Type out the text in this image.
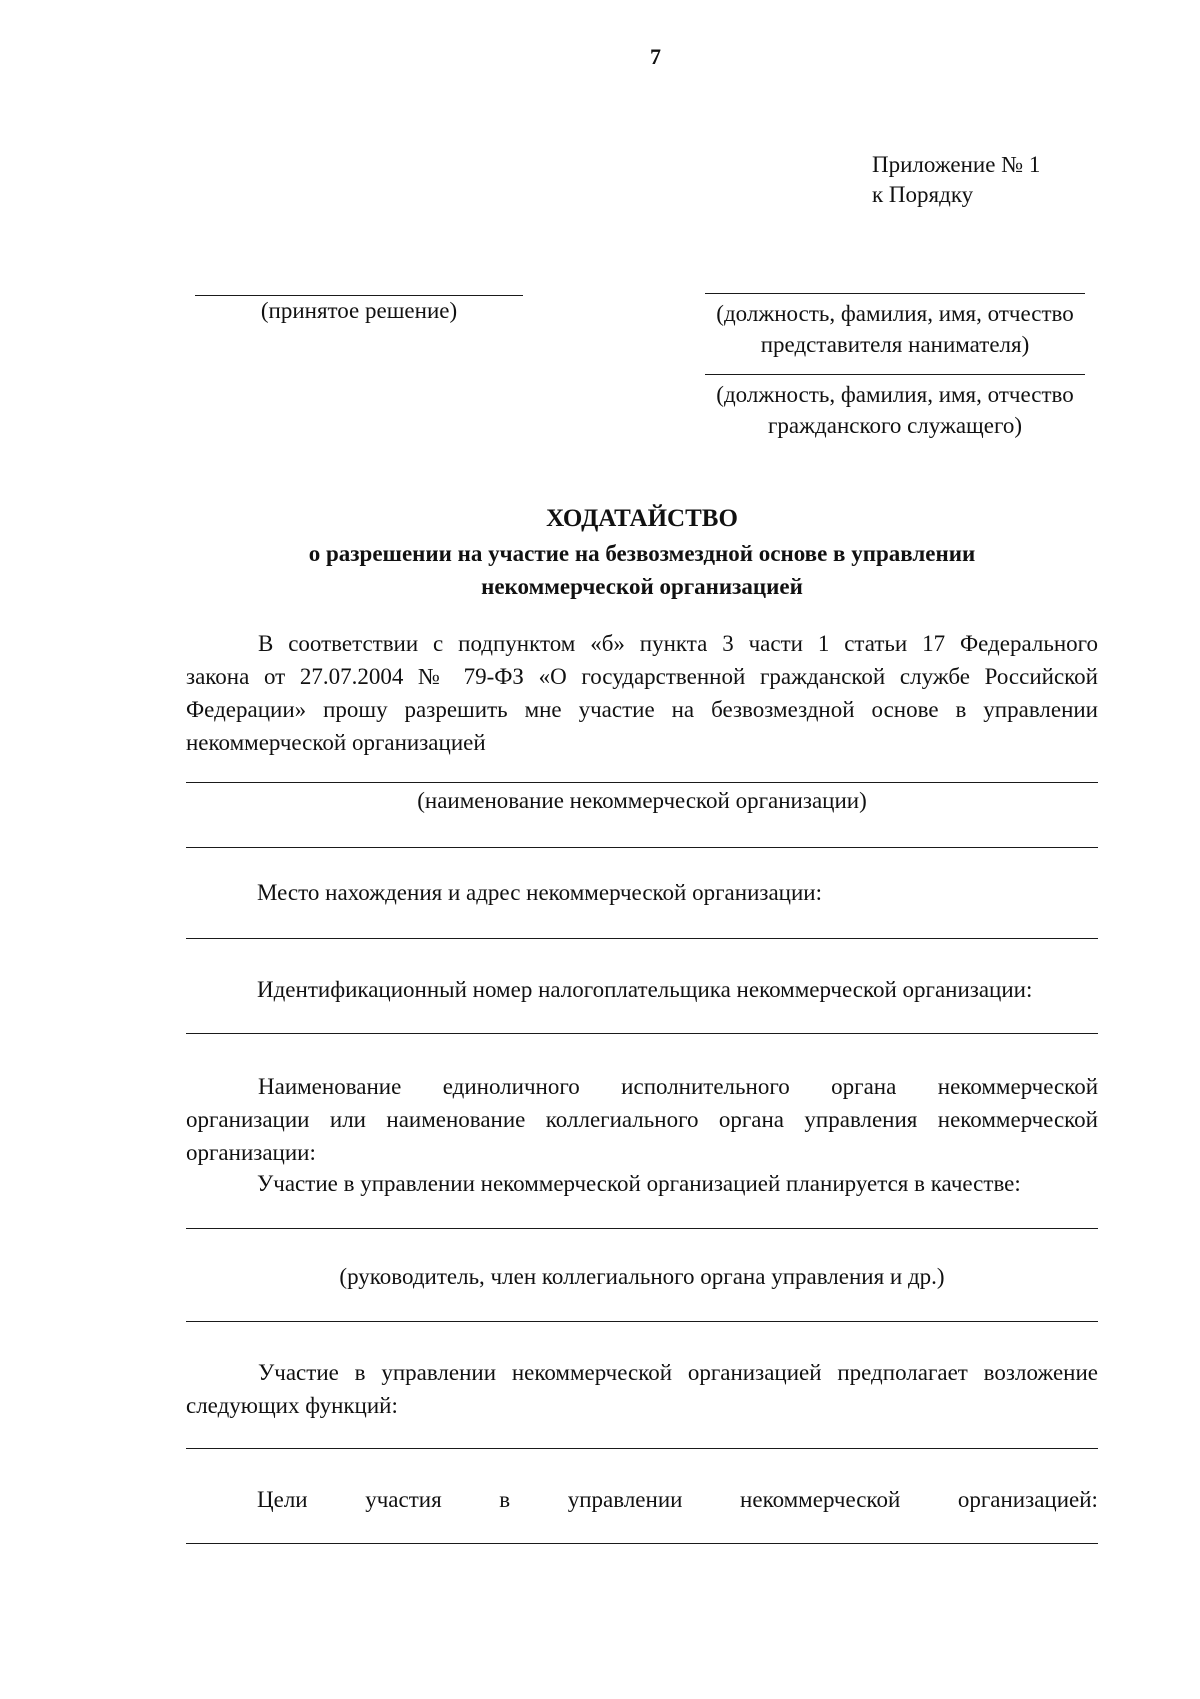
7
Приложение № 1
к Порядку
(принятое решение)	(должность, фамилия, имя, отчество
представителя нанимателя)
(должность, фамилия, имя, отчество
гражданского служащего)
ХОДАТАЙСТВО
о разрешении на участие на безвозмездной основе в управлении
некоммерческой организацией
В соответствии с подпунктом «б» пункта 3 части 1 статьи 17 Федерального
закона от 27.07.2004 № 79-ФЗ «О государственной гражданской службе Российской
Федерации» прошу разрешить мне участие на безвозмездной основе в управлении
некоммерческой организацией
(наименование некоммерческой организации)
Место нахождения и адрес некоммерческой организации:
Идентификационный номер налогоплательщика некоммерческой организации:
Наименование единоличного исполнительного органа некоммерческой
организации или наименование коллегиального органа управления некоммерческой
организации:
Участие в управлении некоммерческой организацией планируется в качестве:
(руководитель, член коллегиального органа управления и др.)
Участие в управлении некоммерческой организацией предполагает возложение
следующих функций:
Цели	участия	в	управлении	некоммерческой	организацией:
